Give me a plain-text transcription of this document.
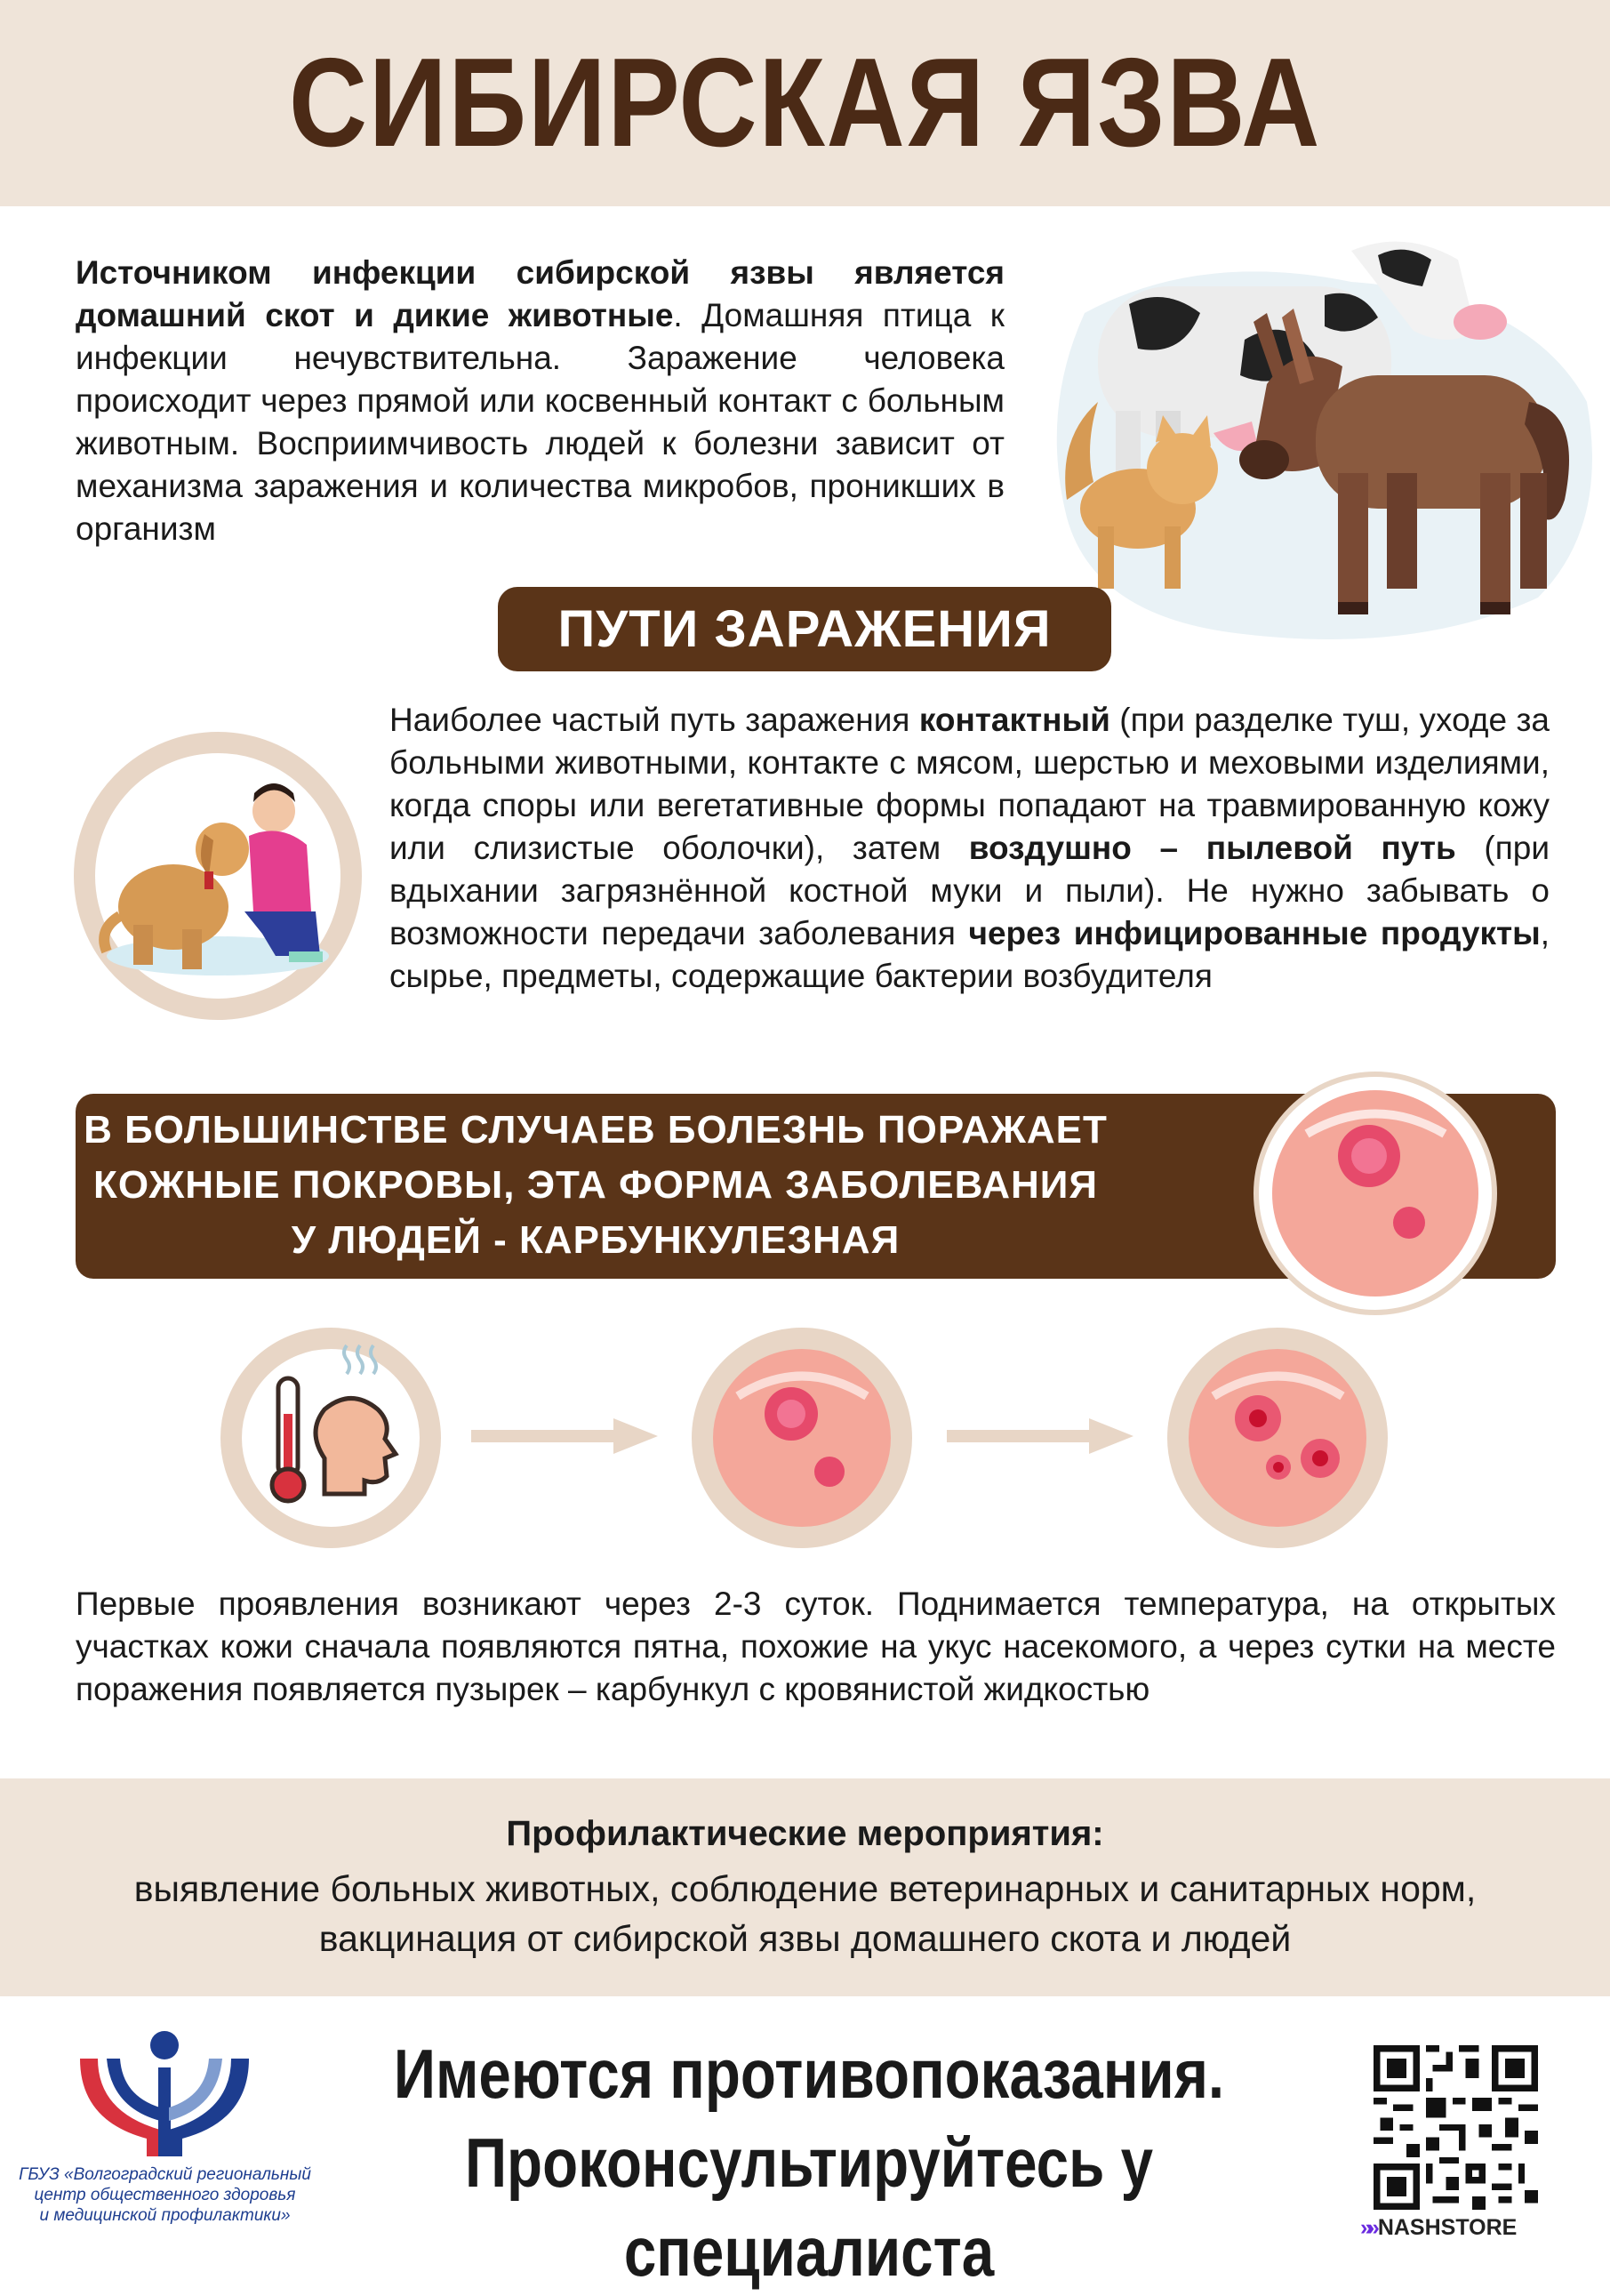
СИБИРСКАЯ ЯЗВА
Источником инфекции сибирской язвы является домашний скот и дикие животные. Домашняя птица к инфекции нечувствительна. Заражение человека происходит через прямой или косвенный контакт с больным животным. Восприимчивость людей к болезни зависит от механизма заражения и количества микробов, проникших в организм
ПУТИ ЗАРАЖЕНИЯ
Наиболее частый путь заражения контактный (при разделке туш, уходе за больными животными, контакте с мясом, шерстью и меховыми изделиями, когда споры или вегетативные формы попадают на травмированную кожу или слизистые оболочки), затем воздушно – пылевой путь (при вдыхании загрязнённой костной муки и пыли). Не нужно забывать о возможности передачи заболевания через инфицированные продукты, сырье, предметы, содержащие бактерии возбудителя
В БОЛЬШИНСТВЕ СЛУЧАЕВ БОЛЕЗНЬ ПОРАЖАЕТ
КОЖНЫЕ ПОКРОВЫ, ЭТА ФОРМА ЗАБОЛЕВАНИЯ
У ЛЮДЕЙ - КАРБУНКУЛЕЗНАЯ
Первые проявления возникают через 2-3 суток. Поднимается температура, на открытых участках кожи сначала появляются пятна, похожие на укус насекомого, а через сутки на месте поражения появляется пузырек – карбункул с кровянистой жидкостью
Профилактические мероприятия:
выявление больных животных, соблюдение ветеринарных и санитарных норм,
вакцинация от сибирской язвы домашнего скота и людей
ГБУЗ «Волгоградский региональный
центр общественного здоровья
и медицинской профилактики»
Имеются противопоказания.
Проконсультируйтесь у специалиста	»» NASHSTORE
